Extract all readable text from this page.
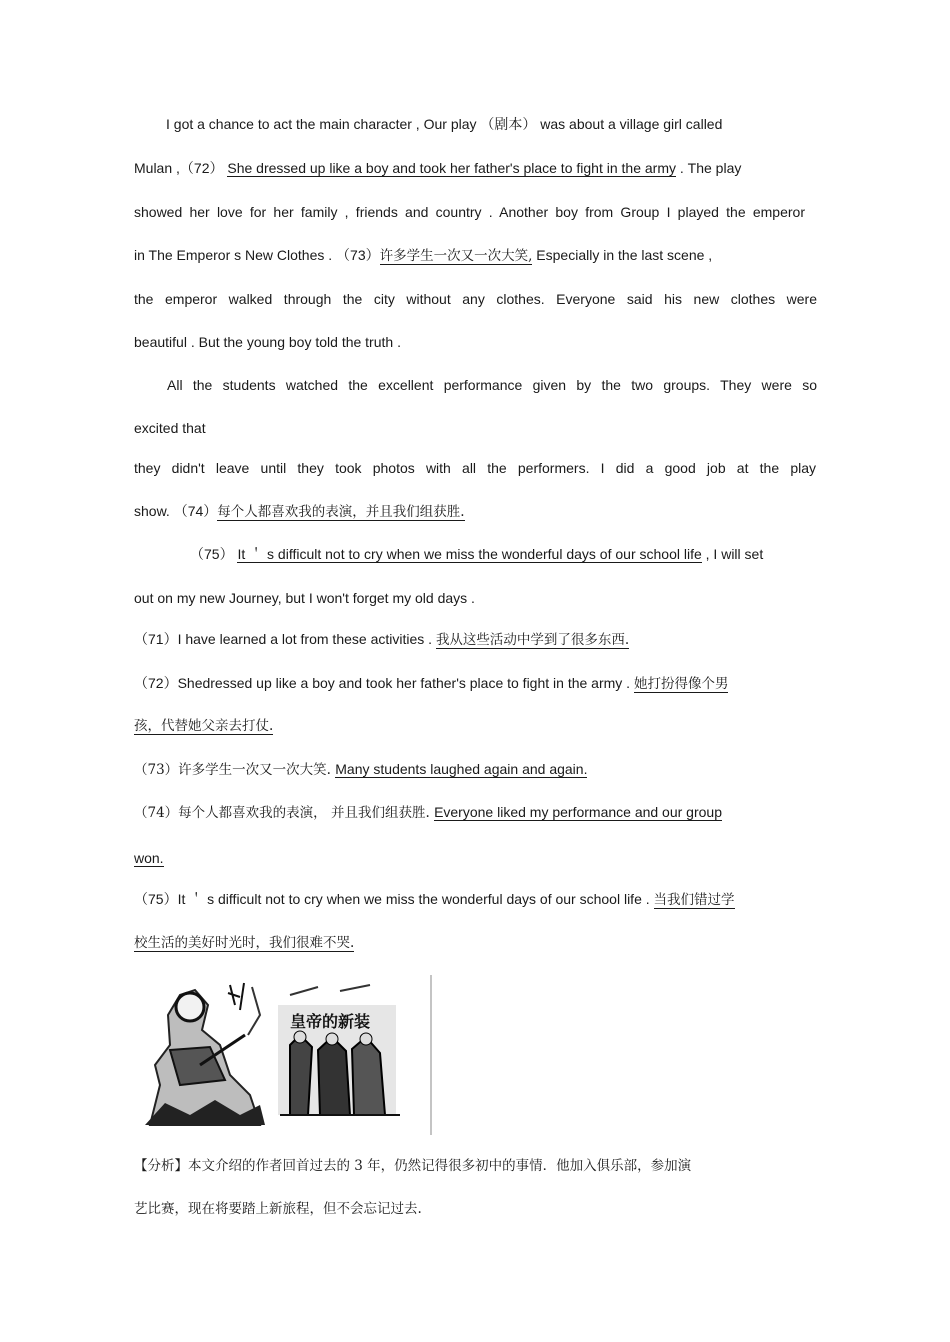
I got a chance to act the main character , Our play （剧本） was about a village girl called
Mulan ,（72） She dressed up like a boy and took her father's place to fight in the army . The play
showed her love for her family , friends and country . Another boy from Group I played the emperor
in The Emperor s New Clothes . （73）许多学生一次又一次大笑, Especially in the last scene ,
the emperor walked through the city without any clothes. Everyone said his new clothes were
beautiful . But the young boy told the truth .
All the students watched the excellent performance given by the two groups. They were so
excited that
they didn't leave until they took photos with all the performers. I did a good job at the play
show. （74）每个人都喜欢我的表演，并且我们组获胜.
（75） It ＇ s difficult not to cry when we miss the wonderful days of our school life , I will set
out on my new Journey, but I won't forget my old days .
（71）I have learned a lot from these activities . 我从这些活动中学到了很多东西.
（72）Shedressed up like a boy and took her father's place to fight in the army . 她打扮得像个男
孩，代替她父亲去打仗.
（73）许多学生一次又一次大笑. Many students laughed again and again.
（74）每个人都喜欢我的表演， 并且我们组获胜. Everyone liked my performance and our group
won.
（75）It ＇ s difficult not to cry when we miss the wonderful days of our school life . 当我们错过学
校生活的美好时光时，我们很难不哭.
皇帝的新装
【分析】本文介绍的作者回首过去的 3 年，仍然记得很多初中的事情．他加入俱乐部，参加演
艺比赛，现在将要踏上新旅程，但不会忘记过去.
